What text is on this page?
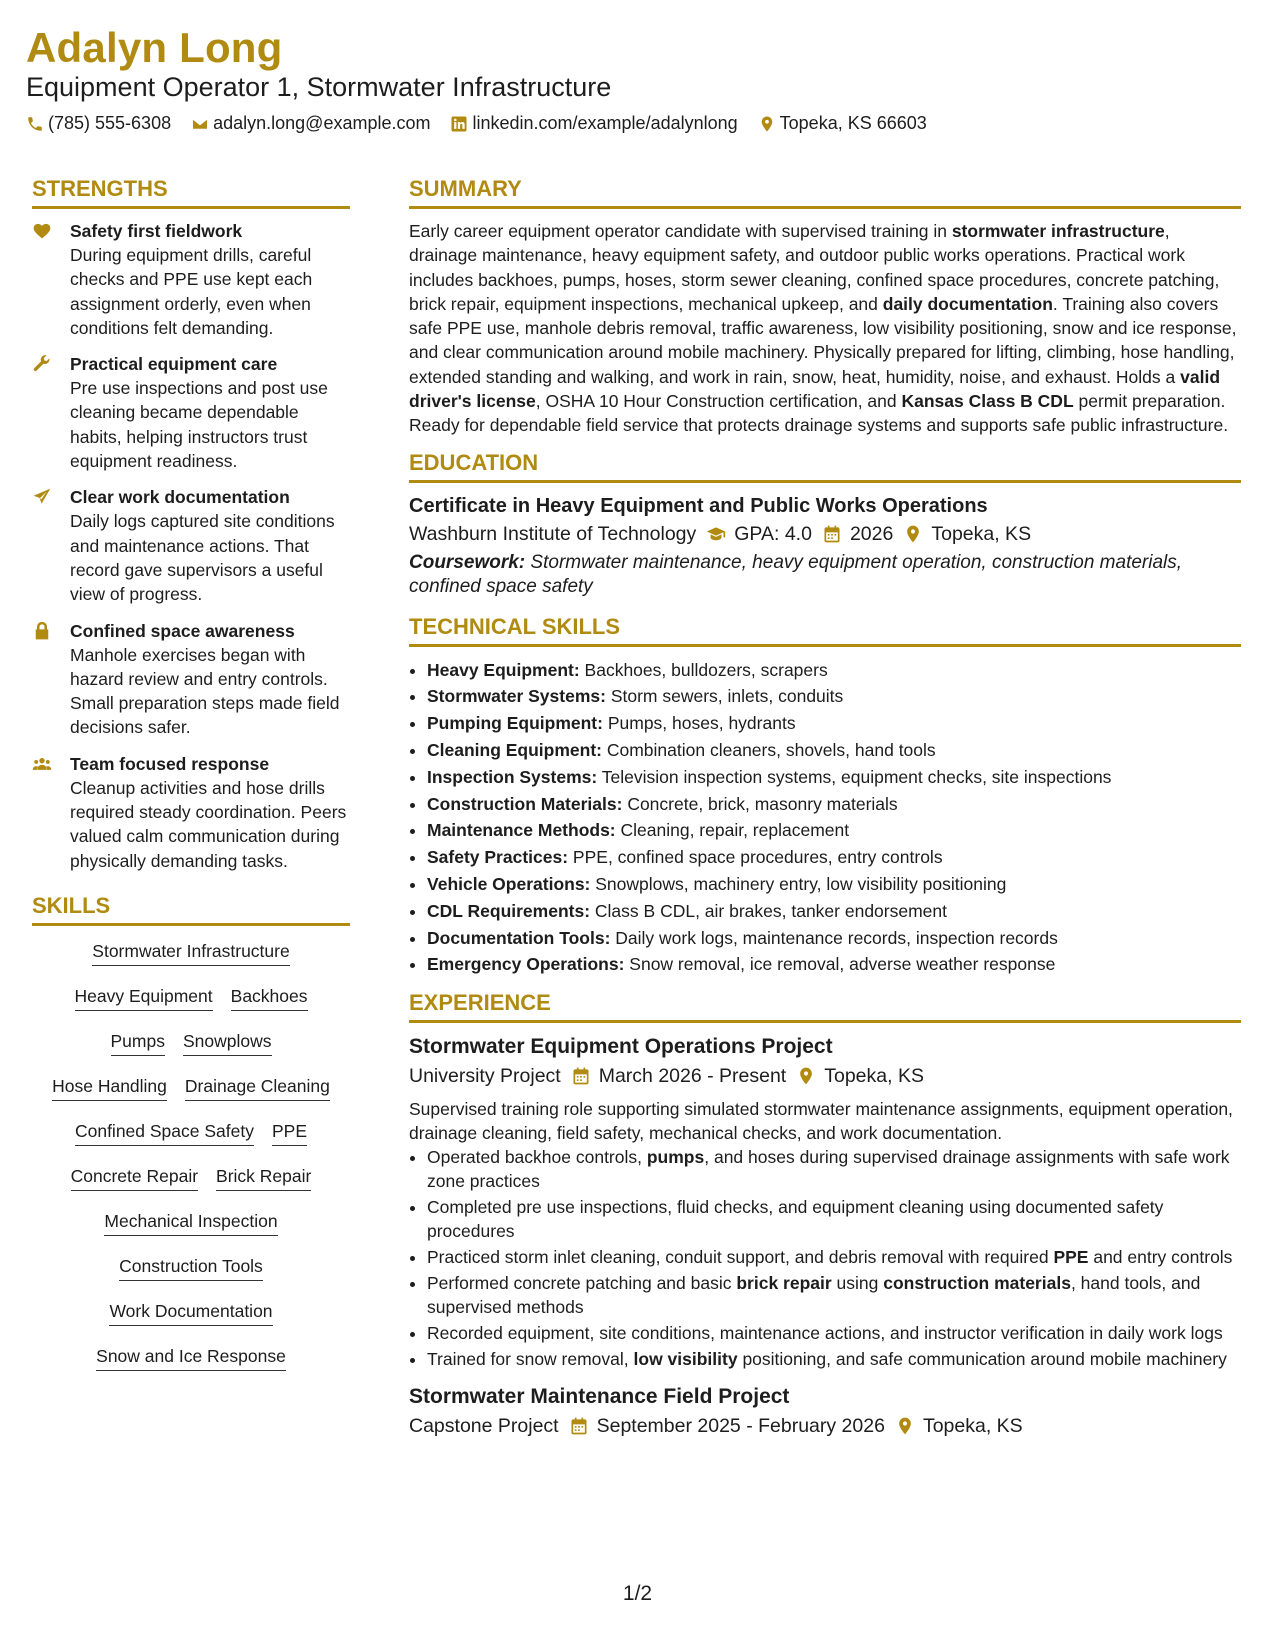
Adalyn Long
Equipment Operator 1, Stormwater Infrastructure
(785) 555-6308 adalyn.long@example.com linkedin.com/example/adalynlong Topeka, KS 66603
STRENGTHS
Safety first fieldwork
During equipment drills, careful checks and PPE use kept each assignment orderly, even when conditions felt demanding.
Practical equipment care
Pre use inspections and post use cleaning became dependable habits, helping instructors trust equipment readiness.
Clear work documentation
Daily logs captured site conditions and maintenance actions. That record gave supervisors a useful view of progress.
Confined space awareness
Manhole exercises began with hazard review and entry controls. Small preparation steps made field decisions safer.
Team focused response
Cleanup activities and hose drills required steady coordination. Peers valued calm communication during physically demanding tasks.
SKILLS
Stormwater Infrastructure
Heavy Equipment Backhoes
Pumps Snowplows
Hose Handling Drainage Cleaning
Confined Space Safety PPE
Concrete Repair Brick Repair
Mechanical Inspection
Construction Tools
Work Documentation
Snow and Ice Response
SUMMARY
Early career equipment operator candidate with supervised training in stormwater infrastructure, drainage maintenance, heavy equipment safety, and outdoor public works operations. Practical work includes backhoes, pumps, hoses, storm sewer cleaning, confined space procedures, concrete patching, brick repair, equipment inspections, mechanical upkeep, and daily documentation. Training also covers safe PPE use, manhole debris removal, traffic awareness, low visibility positioning, snow and ice response, and clear communication around mobile machinery. Physically prepared for lifting, climbing, hose handling, extended standing and walking, and work in rain, snow, heat, humidity, noise, and exhaust. Holds a valid driver's license, OSHA 10 Hour Construction certification, and Kansas Class B CDL permit preparation. Ready for dependable field service that protects drainage systems and supports safe public infrastructure.
EDUCATION
Certificate in Heavy Equipment and Public Works Operations
Washburn Institute of Technology GPA: 4.0 2026 Topeka, KS
Coursework: Stormwater maintenance, heavy equipment operation, construction materials, confined space safety
TECHNICAL SKILLS
• Heavy Equipment: Backhoes, bulldozers, scrapers
• Stormwater Systems: Storm sewers, inlets, conduits
• Pumping Equipment: Pumps, hoses, hydrants
• Cleaning Equipment: Combination cleaners, shovels, hand tools
• Inspection Systems: Television inspection systems, equipment checks, site inspections
• Construction Materials: Concrete, brick, masonry materials
• Maintenance Methods: Cleaning, repair, replacement
• Safety Practices: PPE, confined space procedures, entry controls
• Vehicle Operations: Snowplows, machinery entry, low visibility positioning
• CDL Requirements: Class B CDL, air brakes, tanker endorsement
• Documentation Tools: Daily work logs, maintenance records, inspection records
• Emergency Operations: Snow removal, ice removal, adverse weather response
EXPERIENCE
Stormwater Equipment Operations Project
University Project March 2026 - Present Topeka, KS
Supervised training role supporting simulated stormwater maintenance assignments, equipment operation, drainage cleaning, field safety, mechanical checks, and work documentation.
• Operated backhoe controls, pumps, and hoses during supervised drainage assignments with safe work zone practices
• Completed pre use inspections, fluid checks, and equipment cleaning using documented safety procedures
• Practiced storm inlet cleaning, conduit support, and debris removal with required PPE and entry controls
• Performed concrete patching and basic brick repair using construction materials, hand tools, and supervised methods
• Recorded equipment, site conditions, maintenance actions, and instructor verification in daily work logs
• Trained for snow removal, low visibility positioning, and safe communication around mobile machinery
Stormwater Maintenance Field Project
Capstone Project September 2025 - February 2026 Topeka, KS
1/2
